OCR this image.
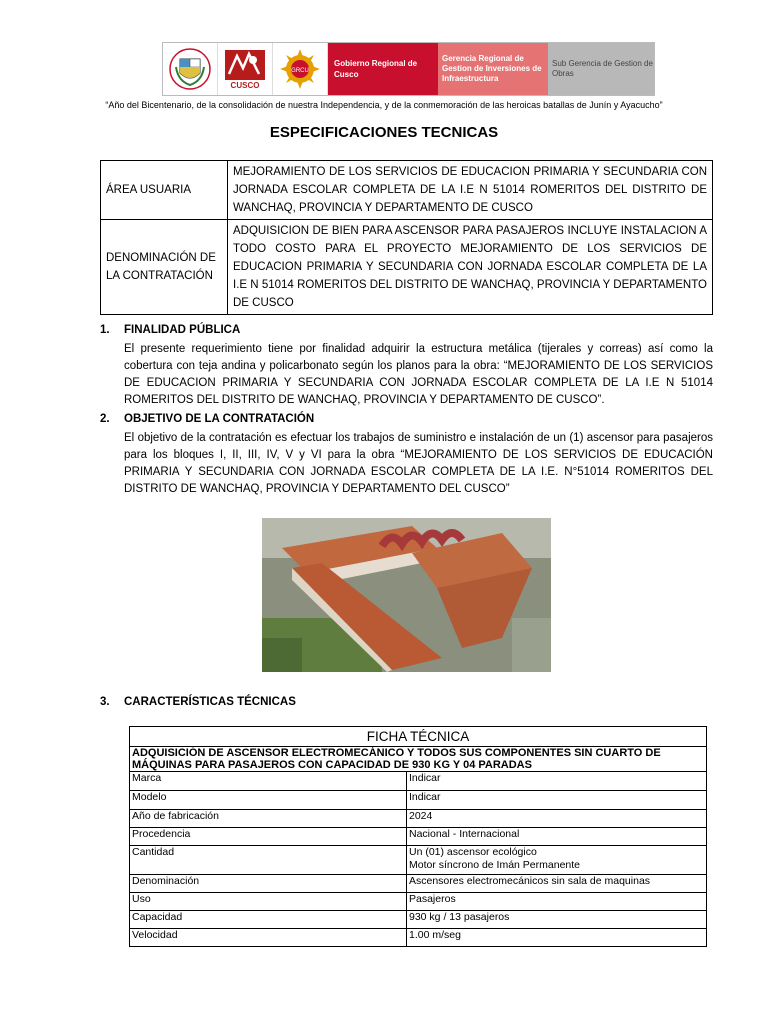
CUSCO
GRCU
Gobierno Regional de Cusco
Gerencia Regional de Gestion de Inversiones de Infraestructura
Sub Gerencia de Gestion de Obras
“Año del Bicentenario, de la consolidación de nuestra Independencia, y de la conmemoración de las heroicas batallas de Junín y Ayacucho”
ESPECIFICACIONES TECNICAS
ÁREA USUARIA	MEJORAMIENTO DE LOS SERVICIOS DE EDUCACION PRIMARIA Y SECUNDARIA CON JORNADA ESCOLAR COMPLETA DE LA I.E N 51014 ROMERITOS DEL DISTRITO DE WANCHAQ, PROVINCIA Y DEPARTAMENTO DE CUSCO
DENOMINACIÓN DE LA CONTRATACIÓN	ADQUISICION DE BIEN PARA ASCENSOR PARA PASAJEROS INCLUYE INSTALACION A TODO COSTO PARA EL PROYECTO MEJORAMIENTO DE LOS SERVICIOS DE EDUCACION PRIMARIA Y SECUNDARIA CON JORNADA ESCOLAR COMPLETA DE LA I.E N 51014 ROMERITOS DEL DISTRITO DE WANCHAQ, PROVINCIA Y DEPARTAMENTO DE CUSCO
1. FINALIDAD PÚBLICA
El presente requerimiento tiene por finalidad adquirir la estructura metálica (tijerales y correas) así como la cobertura con teja andina y policarbonato según los planos para la obra: “MEJORAMIENTO DE LOS SERVICIOS DE EDUCACION PRIMARIA Y SECUNDARIA CON JORNADA ESCOLAR COMPLETA DE LA I.E N 51014 ROMERITOS DEL DISTRITO DE WANCHAQ, PROVINCIA Y DEPARTAMENTO DE CUSCO”.
2. OBJETIVO DE LA CONTRATACIÓN
El objetivo de la contratación es efectuar los trabajos de suministro e instalación de un (1) ascensor para pasajeros para los bloques I, II, III, IV, V y VI para la obra “MEJORAMIENTO DE LOS SERVICIOS DE EDUCACIÓN PRIMARIA Y SECUNDARIA CON JORNADA ESCOLAR COMPLETA DE LA I.E. N°51014 ROMERITOS DEL DISTRITO DE WANCHAQ, PROVINCIA Y DEPARTAMENTO DEL CUSCO”
3. CARACTERÍSTICAS TÉCNICAS
FICHA TÉCNICA	
ADQUISICIÓN DE ASCENSOR ELECTROMECÁNICO Y TODOS SUS COMPONENTES SIN CUARTO DE MÁQUINAS PARA PASAJEROS CON CAPACIDAD DE 930 KG Y 04 PARADAS	
Marca	Indicar
Modelo	Indicar
Año de fabricación	2024
Procedencia	Nacional - Internacional
Cantidad	Un (01) ascensor ecológico
Motor síncrono de Imán Permanente

Denominación	Ascensores electromecánicos sin sala de maquinas
Uso	Pasajeros
Capacidad	930 kg / 13 pasajeros
Velocidad	1.00 m/seg
